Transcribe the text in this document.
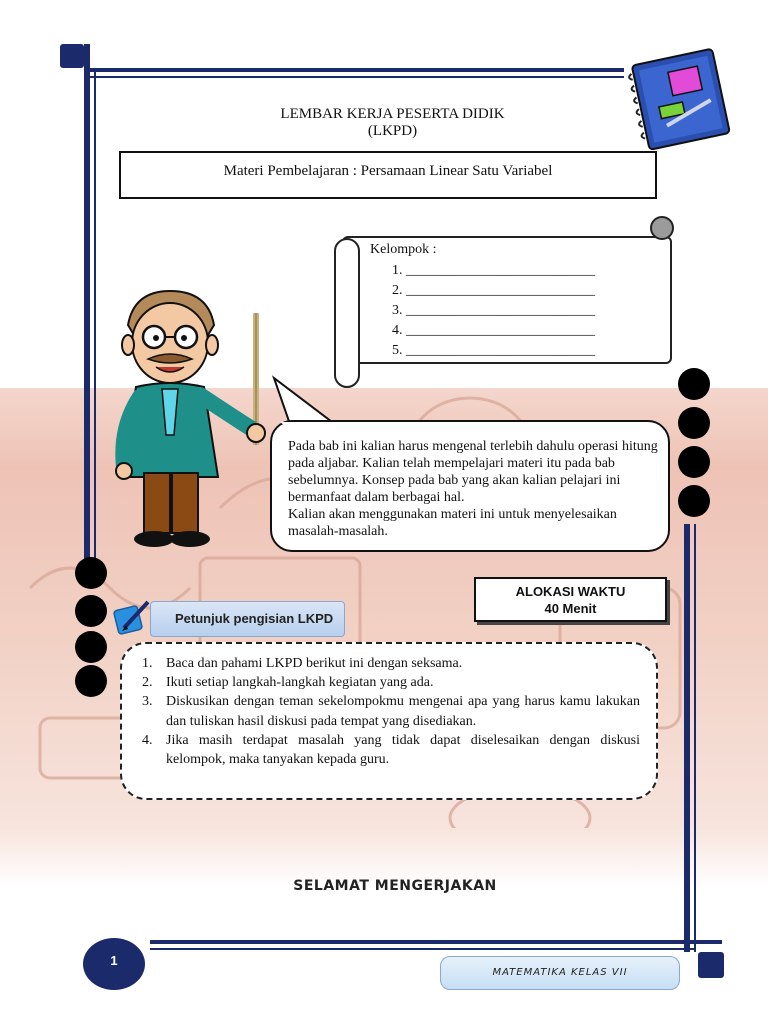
LEMBAR KERJA PESERTA DIDIK
(LKPD)
Materi Pembelajaran : Persamaan Linear Satu Variabel
Kelompok :
1. ___________________________
2. ___________________________
3. ___________________________
4. ___________________________
5. ___________________________
Pada bab ini kalian harus mengenal terlebih dahulu operasi hitung pada aljabar. Kalian telah mempelajari materi itu pada bab sebelumnya. Konsep pada bab yang akan kalian pelajari ini bermanfaat dalam berbagai hal.
Kalian akan menggunakan materi ini untuk menyelesaikan masalah-masalah.
ALOKASI WAKTU
40 Menit
Petunjuk pengisian LKPD
1. Baca dan pahami LKPD berikut ini dengan seksama.
2. Ikuti setiap langkah-langkah kegiatan yang ada.
3. Diskusikan dengan teman sekelompokmu mengenai apa yang harus kamu lakukan dan tuliskan hasil diskusi pada tempat yang disediakan.
4. Jika masih terdapat masalah yang tidak dapat diselesaikan dengan diskusi kelompok, maka tanyakan kepada guru.
SELAMAT MENGERJAKAN
1
MATEMATIKA KELAS VII
